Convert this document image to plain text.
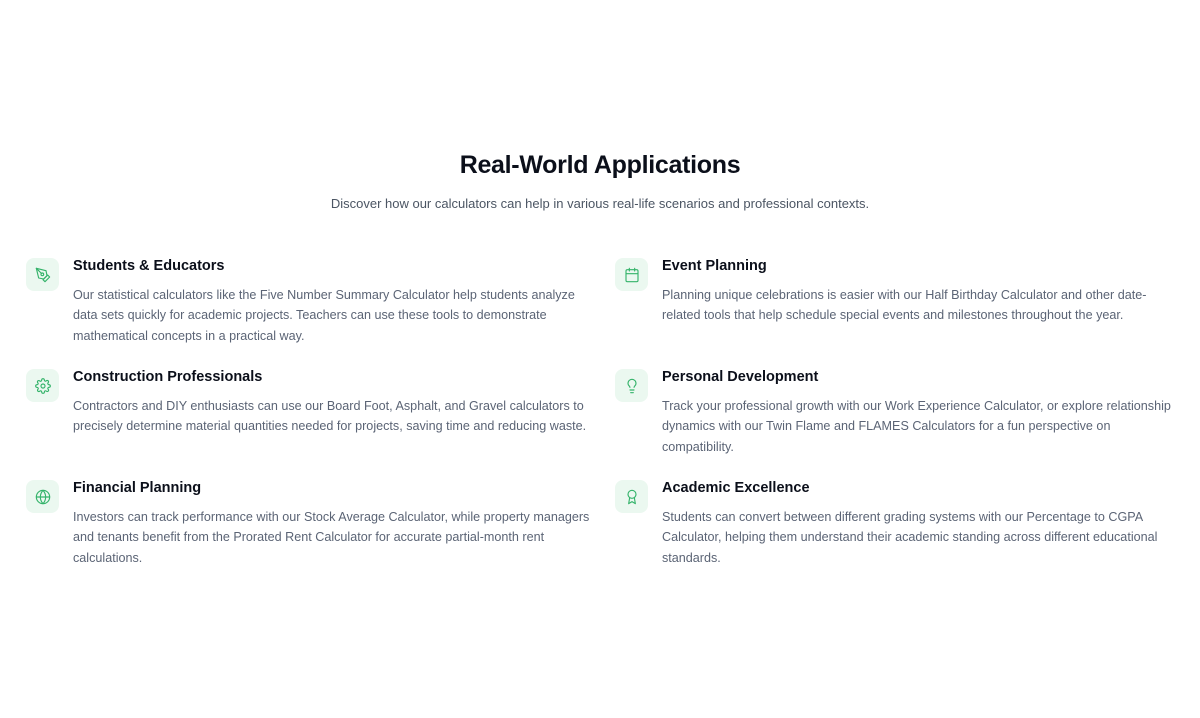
Real-World Applications

Discover how our calculators can help in various real-life scenarios and professional contexts.

Students & Educators

Our statistical calculators like the Five Number Summary Calculator help students analyze data sets quickly for academic projects. Teachers can use these tools to demonstrate mathematical concepts in a practical way.

Event Planning

Planning unique celebrations is easier with our Half Birthday Calculator and other date-related tools that help schedule special events and milestones throughout the year.

Construction Professionals

Contractors and DIY enthusiasts can use our Board Foot, Asphalt, and Gravel calculators to precisely determine material quantities needed for projects, saving time and reducing waste.

Personal Development

Track your professional growth with our Work Experience Calculator, or explore relationship dynamics with our Twin Flame and FLAMES Calculators for a fun perspective on compatibility.

Financial Planning

Investors can track performance with our Stock Average Calculator, while property managers and tenants benefit from the Prorated Rent Calculator for accurate partial-month rent calculations.

Academic Excellence

Students can convert between different grading systems with our Percentage to CGPA Calculator, helping them understand their academic standing across different educational standards.
